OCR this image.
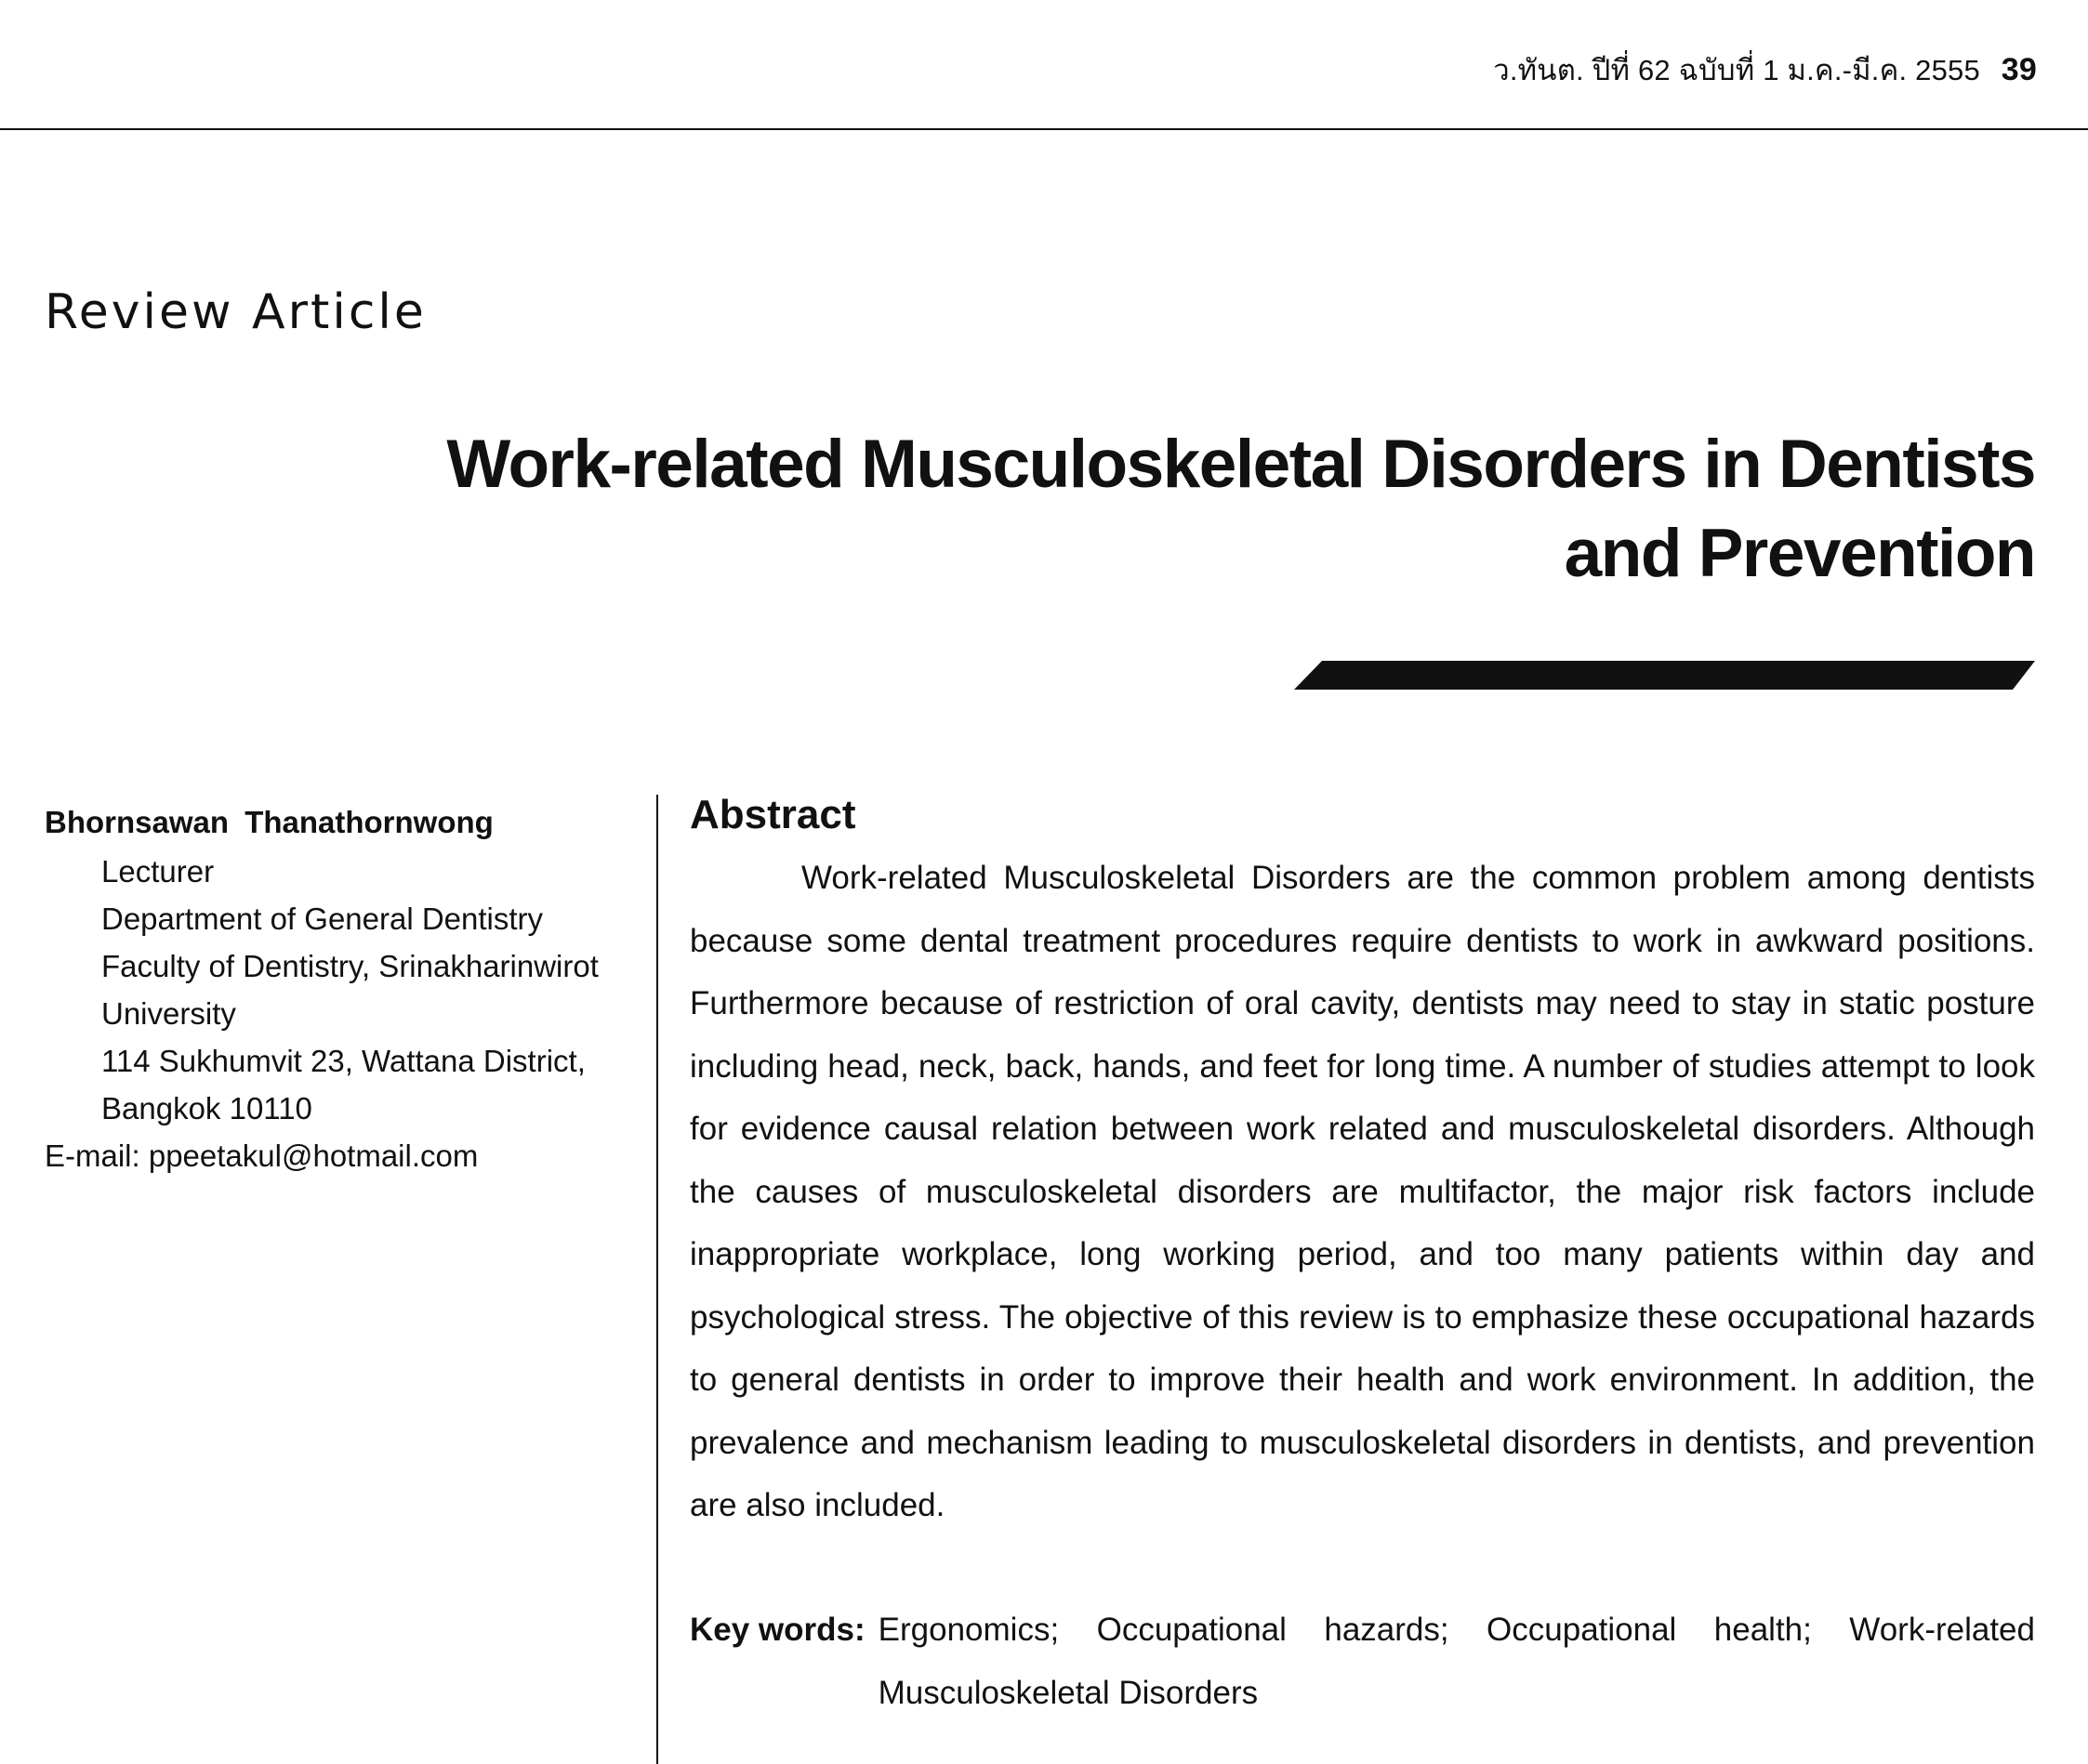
ว.ทันต. ปีที่ 62 ฉบับที่ 1 ม.ค.-มี.ค. 2555 39
Review Article
Work-related Musculoskeletal Disorders in Dentists
and Prevention
Bhornsawan Thanathornwong
Lecturer
Department of General Dentistry
Faculty of Dentistry, Srinakharinwirot
University
114 Sukhumvit 23, Wattana District,
Bangkok 10110
E-mail: ppeetakul@hotmail.com
Abstract

Work-related Musculoskeletal Disorders are the common problem among dentists because some dental treatment procedures require dentists to work in awkward positions. Furthermore because of restriction of oral cavity, dentists may need to stay in static posture including head, neck, back, hands, and feet for long time. A number of studies attempt to look for evidence causal relation between work related and musculoskeletal disorders. Although the causes of musculoskeletal disorders are multifactor, the major risk factors include inappropriate workplace, long working period, and too many patients within day and psychological stress. The objective of this review is to emphasize these occupational hazards to general dentists in order to improve their health and work environment. In addition, the prevalence and mechanism leading to musculoskeletal disorders in dentists, and prevention are also included.

Key words: Ergonomics; Occupational hazards; Occupational health; Work-related Musculoskeletal Disorders
